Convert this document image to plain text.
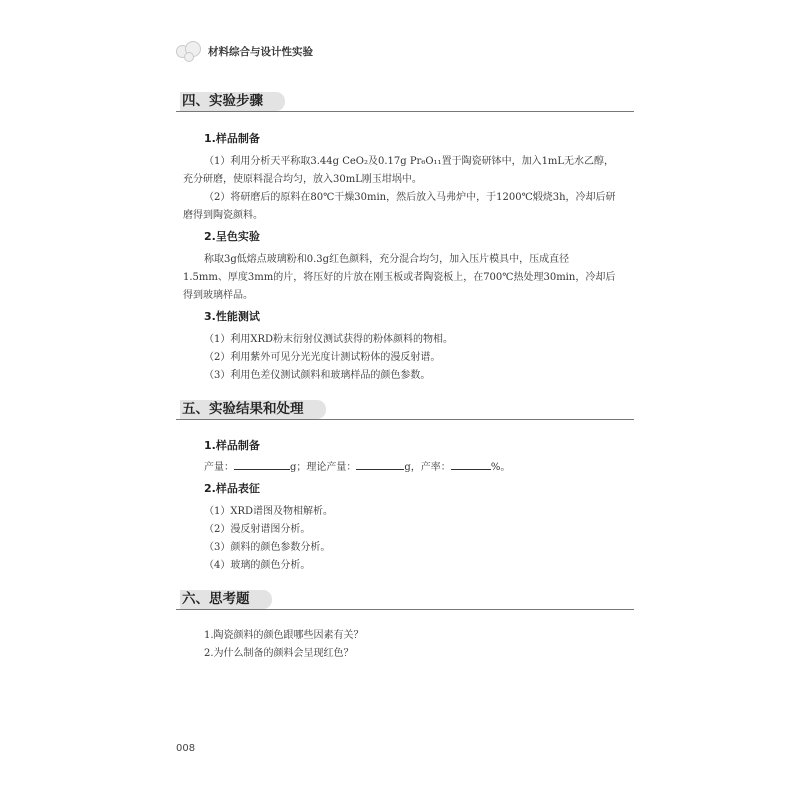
材料综合与设计性实验
四、实验步骤
1.样品制备
（1）利用分析天平称取3.44g CeO₂及0.17g Pr₆O₁₁置于陶瓷研钵中，加入1mL无水乙醇，
充分研磨，使原料混合均匀，放入30mL刚玉坩埚中。
（2）将研磨后的原料在80℃干燥30min，然后放入马弗炉中，于1200℃煅烧3h，冷却后研
磨得到陶瓷颜料。
2.呈色实验
称取3g低熔点玻璃粉和0.3g红色颜料，充分混合均匀，加入压片模具中，压成直径
1.5mm、厚度3mm的片，将压好的片放在刚玉板或者陶瓷板上，在700℃热处理30min，冷却后
得到玻璃样品。
3.性能测试
（1）利用XRD粉末衍射仪测试获得的粉体颜料的物相。
（2）利用紫外可见分光光度计测试粉体的漫反射谱。
（3）利用色差仪测试颜料和玻璃样品的颜色参数。
五、实验结果和处理
1.样品制备
产量：	g；理论产量：	g，产率：	%。
2.样品表征
（1）XRD谱图及物相解析。
（2）漫反射谱图分析。
（3）颜料的颜色参数分析。
（4）玻璃的颜色分析。
六、思考题
1.陶瓷颜料的颜色跟哪些因素有关？
2.为什么制备的颜料会呈现红色？
008
